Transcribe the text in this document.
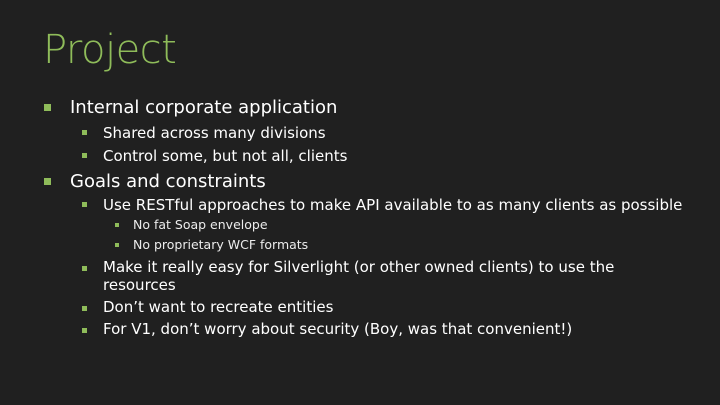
Project
Internal corporate application
Shared across many divisions
Control some, but not all, clients
Goals and constraints
Use RESTful approaches to make API available to as many clients as possible
No fat Soap envelope
No proprietary WCF formats
Make it really easy for Silverlight (or other owned clients) to use the
resources
Don’t want to recreate entities
For V1, don’t worry about security (Boy, was that convenient!)
